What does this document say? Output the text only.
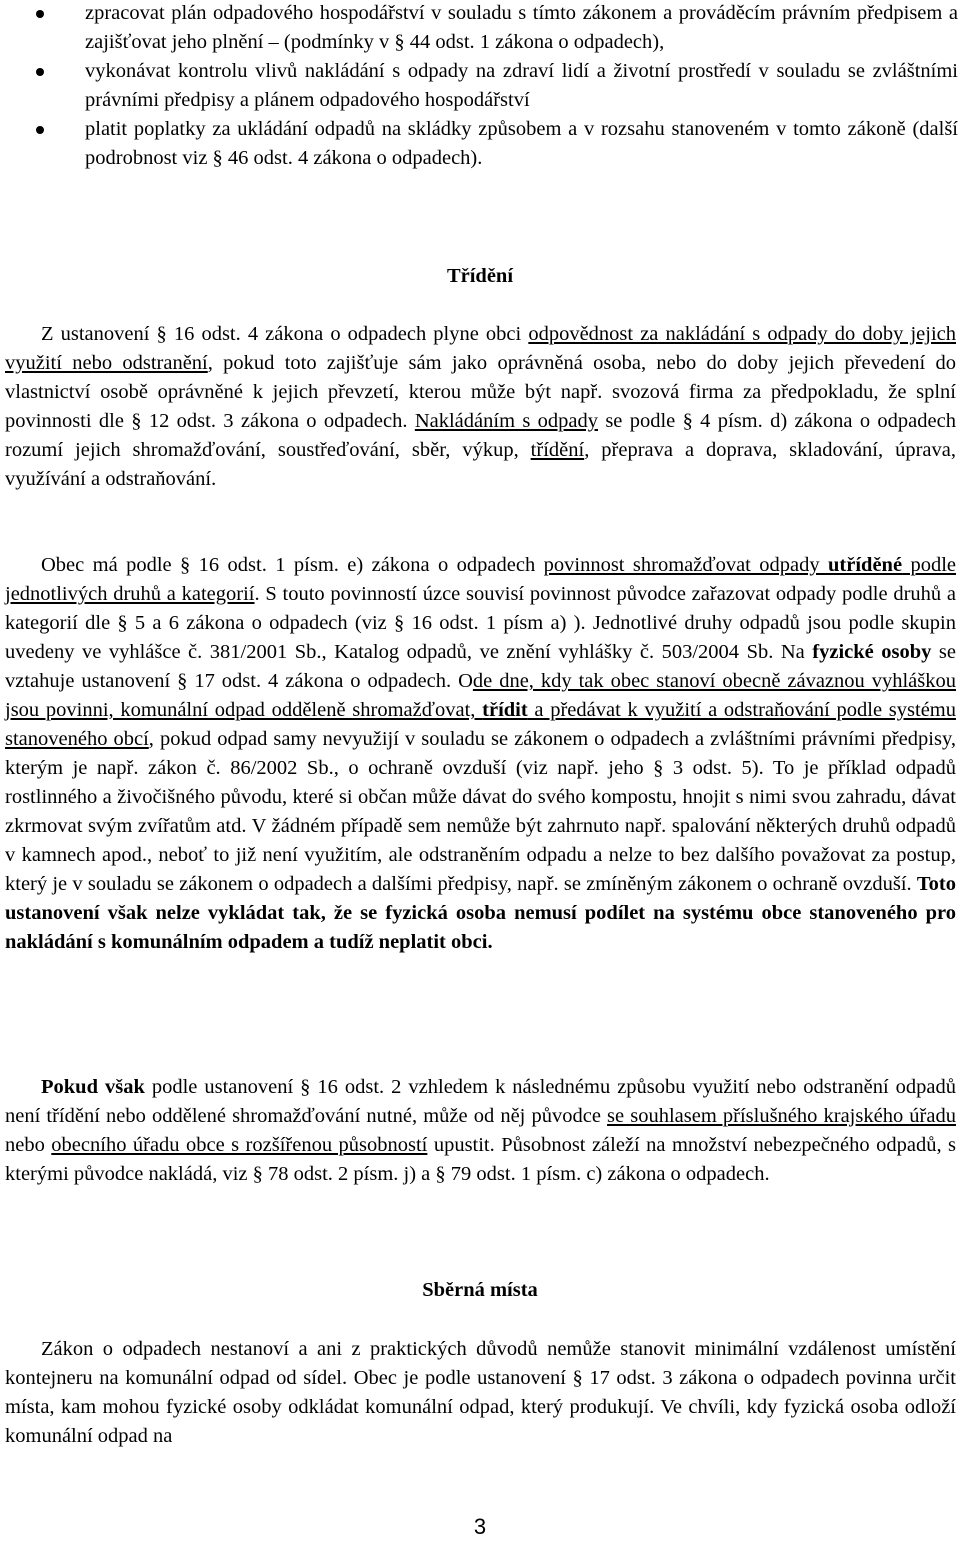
zpracovat plán odpadového hospodářství v souladu s tímto zákonem a prováděcím právním předpisem a zajišťovat jeho plnění – (podmínky v § 44 odst. 1 zákona o odpadech),
vykonávat kontrolu vlivů nakládání s odpady na zdraví lidí a životní prostředí v souladu se zvláštními právními předpisy a plánem odpadového hospodářství
platit poplatky za ukládání odpadů na skládky způsobem a v rozsahu stanoveném v tomto zákoně (další podrobnost viz § 46 odst. 4 zákona o odpadech).
Třídění
Z ustanovení § 16 odst. 4 zákona o odpadech plyne obci odpovědnost za nakládání s odpady do doby jejich využití nebo odstranění, pokud toto zajišťuje sám jako oprávněná osoba, nebo do doby jejich převedení do vlastnictví osobě oprávněné k jejich převzetí, kterou může být např. svozová firma za předpokladu, že splní povinnosti dle § 12 odst. 3 zákona o odpadech. Nakládáním s odpady se podle § 4 písm. d) zákona o odpadech rozumí jejich shromažďování, soustřeďování, sběr, výkup, třídění, přeprava a doprava, skladování, úprava, využívání a odstraňování.
Obec má podle § 16 odst. 1 písm. e) zákona o odpadech povinnost shromažďovat odpady utříděné podle jednotlivých druhů a kategorií. S touto povinností úzce souvisí povinnost původce zařazovat odpady podle druhů a kategorií dle § 5 a 6 zákona o odpadech (viz § 16 odst. 1 písm a) ). Jednotlivé druhy odpadů jsou podle skupin uvedeny ve vyhlášce č. 381/2001 Sb., Katalog odpadů, ve znění vyhlášky č. 503/2004 Sb. Na fyzické osoby se vztahuje ustanovení § 17 odst. 4 zákona o odpadech. Ode dne, kdy tak obec stanoví obecně závaznou vyhláškou jsou povinni, komunální odpad odděleně shromažďovat, třídit a předávat k využití a odstraňování podle systému stanoveného obcí, pokud odpad samy nevyužijí v souladu se zákonem o odpadech a zvláštními právními předpisy, kterým je např. zákon č. 86/2002 Sb., o ochraně ovzduší (viz např. jeho § 3 odst. 5). To je příklad odpadů rostlinného a živočišného původu, které si občan může dávat do svého kompostu, hnojit s nimi svou zahradu, dávat zkrmovat svým zvířatům atd. V žádném případě sem nemůže být zahrnuto např. spalování některých druhů odpadů v kamnech apod., neboť to již není využitím, ale odstraněním odpadu a nelze to bez dalšího považovat za postup, který je v souladu se zákonem o odpadech a dalšími předpisy, např. se zmíněným zákonem o ochraně ovzduší. Toto ustanovení však nelze vykládat tak, že se fyzická osoba nemusí podílet na systému obce stanoveného pro nakládání s komunálním odpadem a tudíž neplatit obci.
Pokud však podle ustanovení § 16 odst. 2 vzhledem k následnému způsobu využití nebo odstranění odpadů není třídění nebo oddělené shromažďování nutné, může od něj původce se souhlasem příslušného krajského úřadu nebo obecního úřadu obce s rozšířenou působností upustit. Působnost záleží na množství nebezpečného odpadů, s kterými původce nakládá, viz § 78 odst. 2 písm. j) a § 79 odst. 1 písm. c) zákona o odpadech.
Sběrná místa
Zákon o odpadech nestanoví a ani z praktických důvodů nemůže stanovit minimální vzdálenost umístění kontejneru na komunální odpad od sídel. Obec je podle ustanovení § 17 odst. 3 zákona o odpadech povinna určit místa, kam mohou fyzické osoby odkládat komunální odpad, který produkují. Ve chvíli, kdy fyzická osoba odloží komunální odpad na
3
